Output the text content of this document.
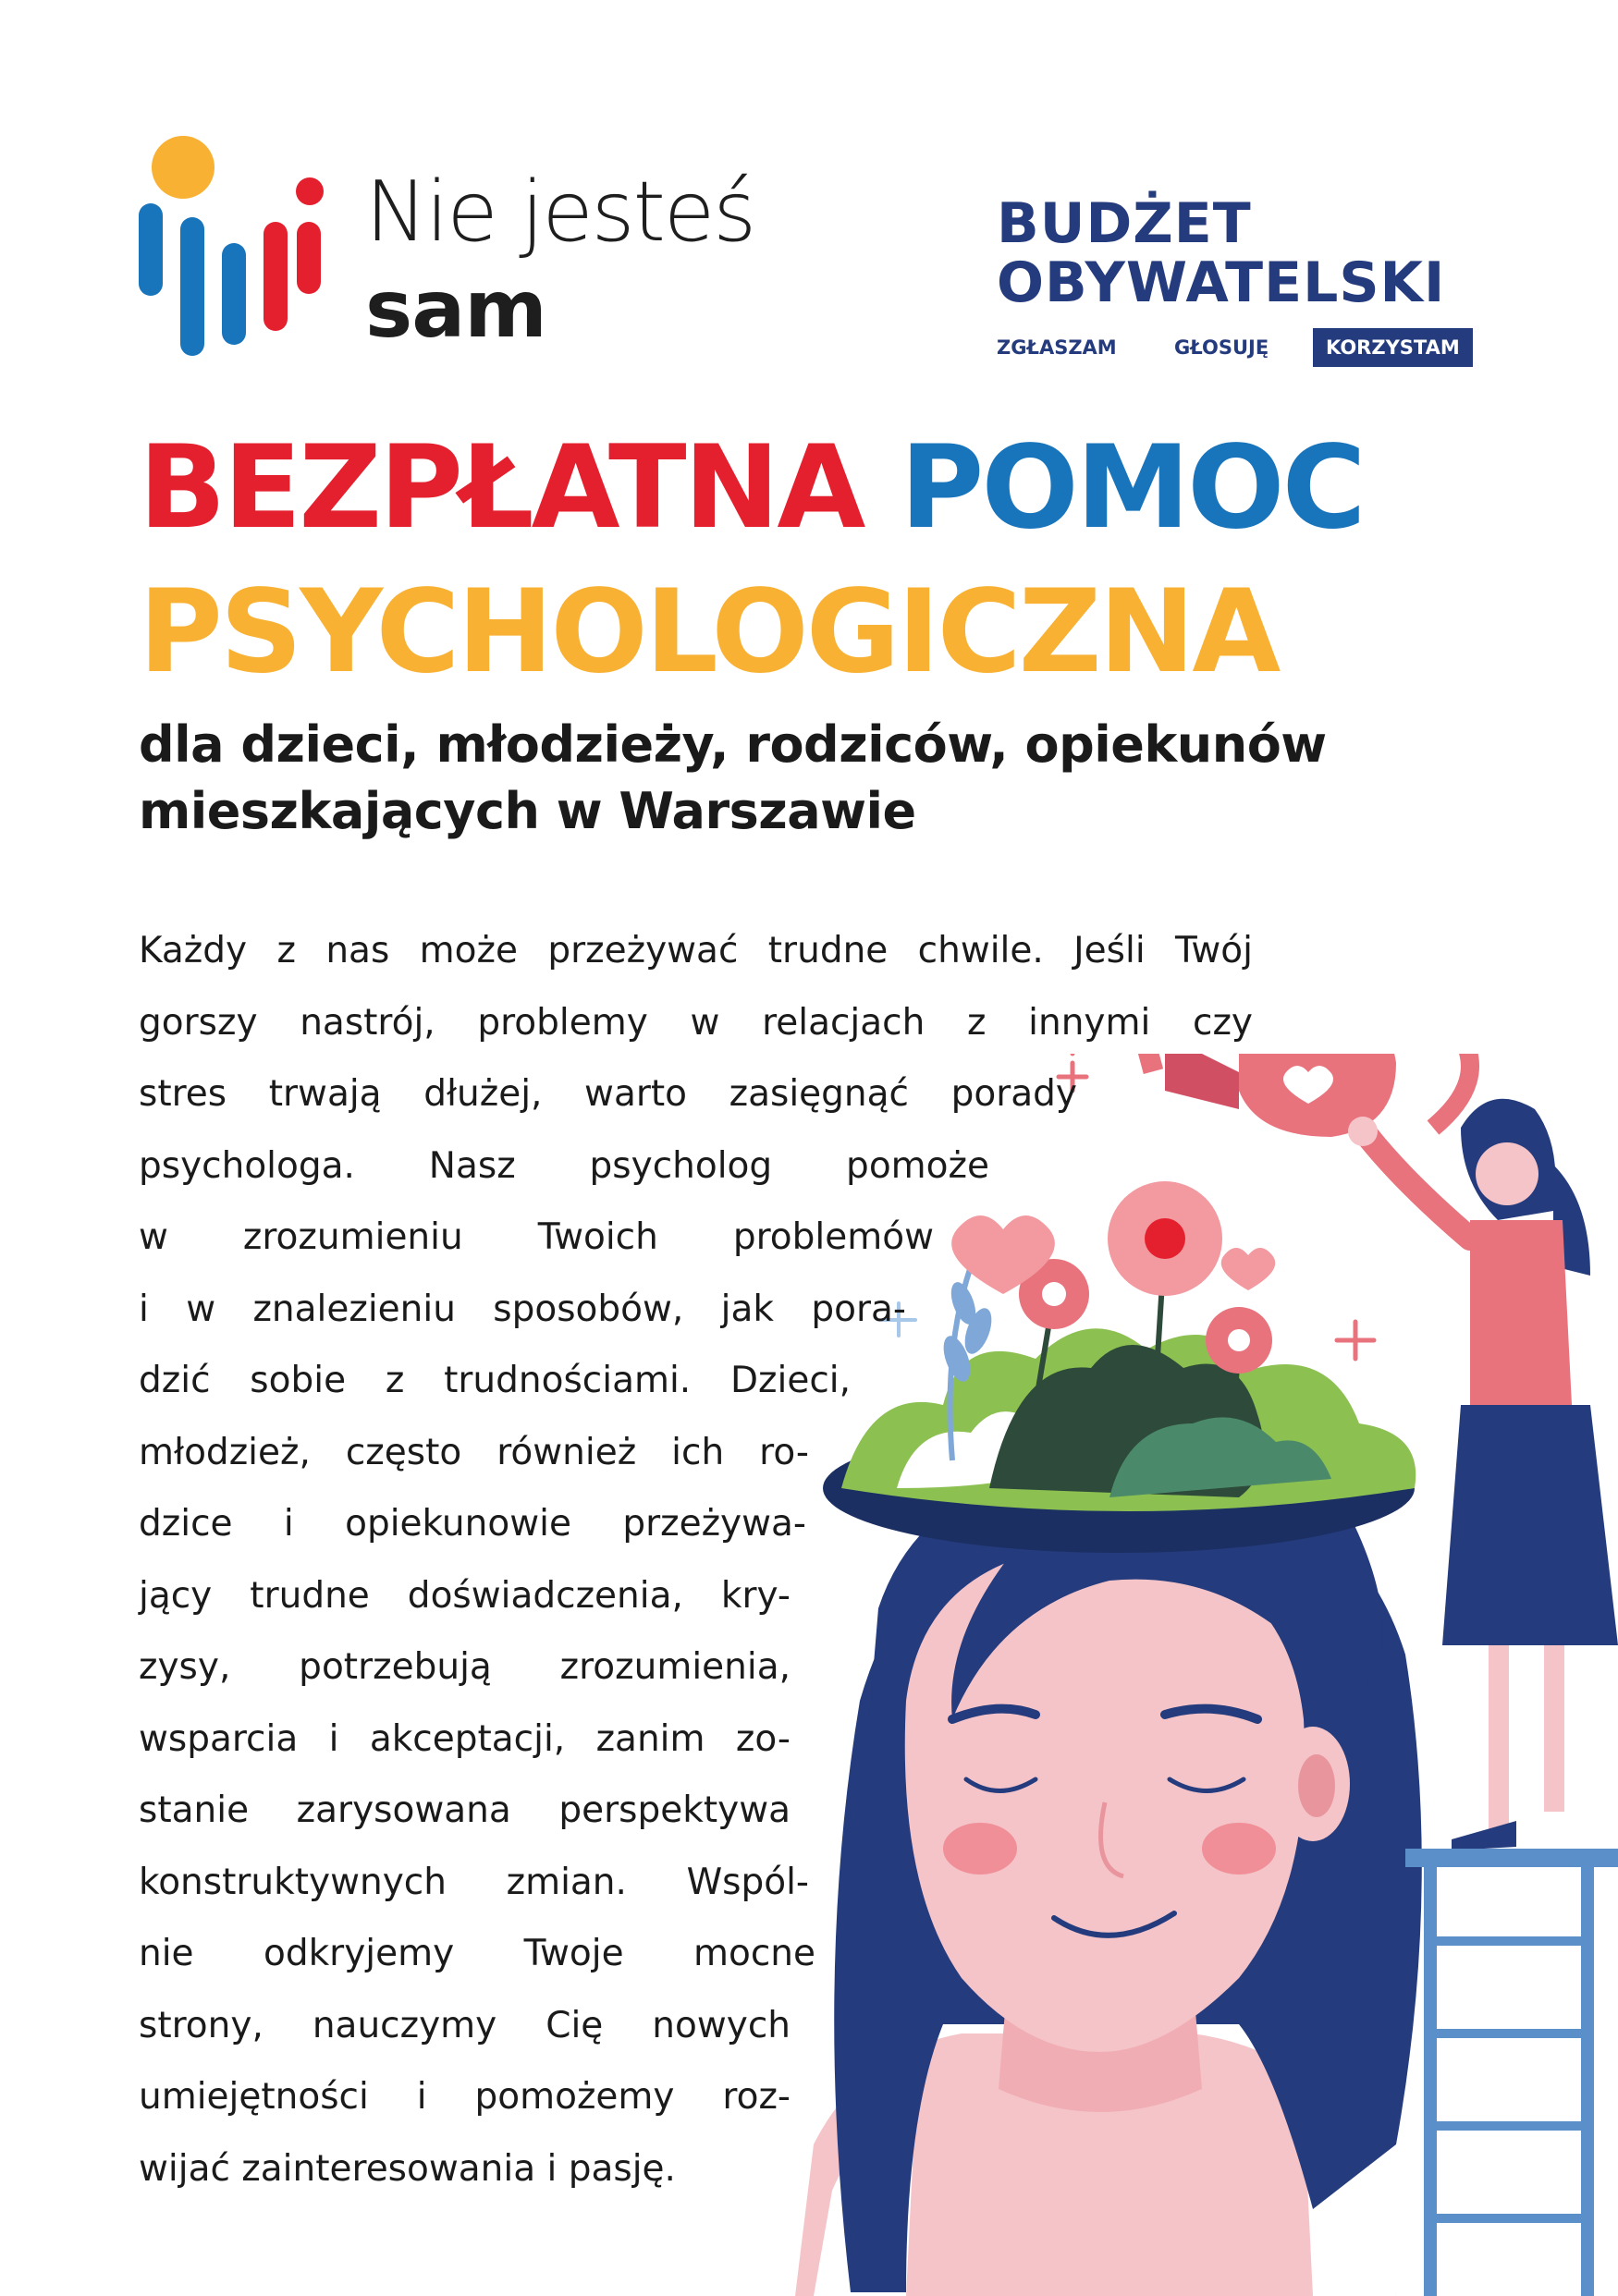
Nie jesteś
sam
BUDŻET
OBYWATELSKI
ZGŁASZAM	GŁOSUJĘ	KORZYSTAM
BEZPŁATNA POMOC
PSYCHOLOGICZNA
dla dzieci, młodzieży, rodziców, opiekunów
mieszkających w Warszawie
Każdy z nas może przeżywać trudne chwile. Jeśli Twój
gorszy nastrój, problemy w relacjach z innymi czy
stres trwają dłużej, warto zasięgnąć porady
psychologa. Nasz psycholog pomoże
w zrozumieniu Twoich problemów
i w znalezieniu sposobów, jak pora-
dzić sobie z trudnościami. Dzieci,
młodzież, często również ich ro-
dzice i opiekunowie przeżywa-
jący trudne doświadczenia, kry-
zysy, potrzebują zrozumienia,
wsparcia i akceptacji, zanim zo-
stanie zarysowana perspektywa
konstruktywnych zmian. Wspól-
nie odkryjemy Twoje mocne
strony, nauczymy Cię nowych
umiejętności i pomożemy roz-
wijać zainteresowania i pasję.
